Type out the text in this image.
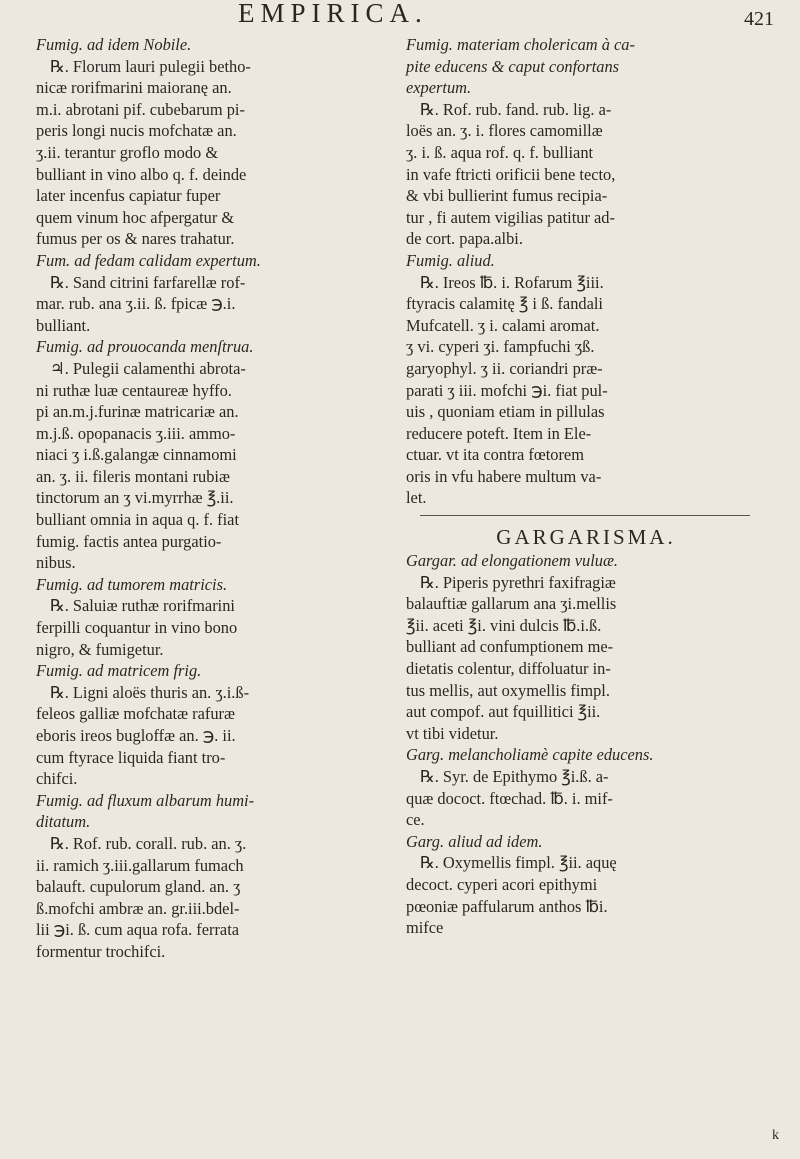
EMPIRICA.	421
Fumig. ad idem Nobile.
℞. Florum lauri pulegii betho-
nicæ rorifmarini maioranę an.
m.i. abrotani pif. cubebarum pi-
peris longi nucis mofchatæ an.
ʒ.ii. terantur groflo modo &
bulliant in vino albo q. f. deinde
later incenfus capiatur fuper
quem vinum hoc afpergatur &
fumus per os & nares trahatur.
Fum. ad fedam calidam expertum.
℞. Sand citrini farfarellæ rof-
mar. rub. ana ʒ.ii. ß. fpicæ ℈.i.
bulliant.
Fumig. ad prouocanda menſtrua.
♃. Pulegii calamenthi abrota-
ni ruthæ luæ centaureæ hyffo.
pi an.m.j.furinæ matricariæ an.
m.j.ß. opopanacis ʒ.iii. ammo-
niaci ʒ i.ß.galangæ cinnamomi
an. ʒ. ii. fileris montani rubiæ
tinctorum an ʒ vi.myrrhæ ℥.ii.
bulliant omnia in aqua q. f. fiat
fumig. factis antea purgatio-
nibus.
Fumig. ad tumorem matricis.
℞. Saluiæ ruthæ rorifmarini
ferpilli coquantur in vino bono
nigro, & fumigetur.
Fumig. ad matricem frig.
℞. Ligni aloës thuris an. ʒ.i.ß-
feleos galliæ mofchatæ rafuræ
eboris ireos bugloffæ an. ℈. ii.
cum ftyrace liquida fiant tro-
chifci.
Fumig. ad fluxum albarum humi-
ditatum.
℞. Rof. rub. corall. rub. an. ʒ.
ii. ramich ʒ.iii.gallarum fumach
balauft. cupulorum gland. an. ʒ
ß.mofchi ambræ an. gr.iii.bdel-
lii ℈i. ß. cum aqua rofa. ferrata
formentur trochifci.
Fumig. materiam cholericam à ca-
pite educens & caput confortans
expertum.
℞. Rof. rub. fand. rub. lig. a-
loës an. ʒ. i. flores camomillæ
ʒ. i. ß. aqua rof. q. f. bulliant
in vafe ftricti orificii bene tecto,
& vbi bullierint fumus recipia-
tur , fi autem vigilias patitur ad-
de cort. papa.albi.
Fumig. aliud.
℞. Ireos ℔. i. Rofarum ℥iii.
ftyracis calamitę ℥ i ß. fandali
Mufcatell. ʒ i. calami aromat.
ʒ vi. cyperi ʒi. fampfuchi ʒß.
garyophyl. ʒ ii. coriandri præ-
parati ʒ iii. mofchi ℈i. fiat pul-
uis , quoniam etiam in pillulas
reducere poteft. Item in Ele-
ctuar. vt ita contra fœtorem
oris in vfu habere multum va-
let.
GARGARISMA.
Gargar. ad elongationem vuluæ.
℞. Piperis pyrethri faxifragiæ
balauftiæ gallarum ana ʒi.mellis
℥ii. aceti ℥i. vini dulcis ℔.i.ß.
bulliant ad confumptionem me-
dietatis colentur, diffoluatur in-
tus mellis, aut oxymellis fimpl.
aut compof. aut fquillitici ℥ii.
vt tibi videtur.
Garg. melancholiamè capite educens.
℞. Syr. de Epithymo ℥i.ß. a-
quæ dococt. ftœchad. ℔. i. mif-
ce.
Garg. aliud ad idem.
℞. Oxymellis fimpl. ℥ii. aquę
decoct. cyperi acori epithymi
pœoniæ paffularum anthos ℔i.
mifce
k
